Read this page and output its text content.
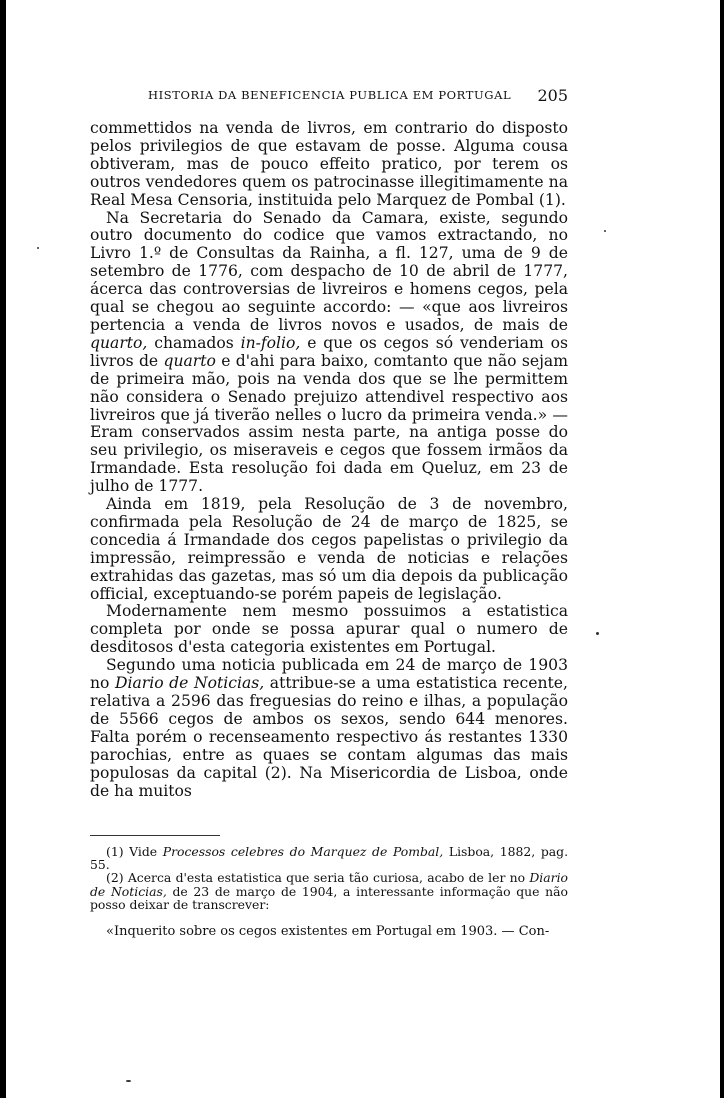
HISTORIA DA BENEFICENCIA PUBLICA EM PORTUGAL 205

commettidos na venda de livros, em contrario do disposto pelos privilegios de que estavam de posse. Alguma cousa obtiveram, mas de pouco effeito pratico, por terem os outros vendedores quem os patrocinasse illegitimamente na Real Mesa Censoria, instituida pelo Marquez de Pombal (1).

Na Secretaria do Senado da Camara, existe, segundo outro documento do codice que vamos extractando, no Livro 1.º de Consultas da Rainha, a fl. 127, uma de 9 de setembro de 1776, com despacho de 10 de abril de 1777, ácerca das controversias de livreiros e homens cegos, pela qual se chegou ao seguinte accordo: — «que aos livreiros pertencia a venda de livros novos e usados, de mais de quarto, chamados in-folio, e que os cegos só venderiam os livros de quarto e d'ahi para baixo, comtanto que não sejam de primeira mão, pois na venda dos que se lhe permittem não considera o Senado prejuizo attendivel respectivo aos livreiros que já tiverão nelles o lucro da primeira venda.» — Eram conservados assim nesta parte, na antiga posse do seu privilegio, os miseraveis e cegos que fossem irmãos da Irmandade. Esta resolução foi dada em Queluz, em 23 de julho de 1777.

Ainda em 1819, pela Resolução de 3 de novembro, confirmada pela Resolução de 24 de março de 1825, se concedia á Irmandade dos cegos papelistas o privilegio da impressão, reimpressão e venda de noticias e relações extrahidas das gazetas, mas só um dia depois da publicação official, exceptuando-se porém papeis de legislação.

Modernamente nem mesmo possuimos a estatistica completa por onde se possa apurar qual o numero de desditosos d'esta categoria existentes em Portugal.

Segundo uma noticia publicada em 24 de março de 1903 no Diario de Noticias, attribue-se a uma estatistica recente, relativa a 2596 das freguesias do reino e ilhas, a população de 5566 cegos de ambos os sexos, sendo 644 menores. Falta porém o recenseamento respectivo ás restantes 1330 parochias, entre as quaes se contam algumas das mais populosas da capital (2). Na Misericordia de Lisboa, onde de ha muitos

(1) Vide Processos celebres do Marquez de Pombal, Lisboa, 1882, pag. 55.

(2) Acerca d'esta estatistica que seria tão curiosa, acabo de ler no Diario de Noticias, de 23 de março de 1904, a interessante informação que não posso deixar de transcrever:

«Inquerito sobre os cegos existentes em Portugal em 1903. — Con-
